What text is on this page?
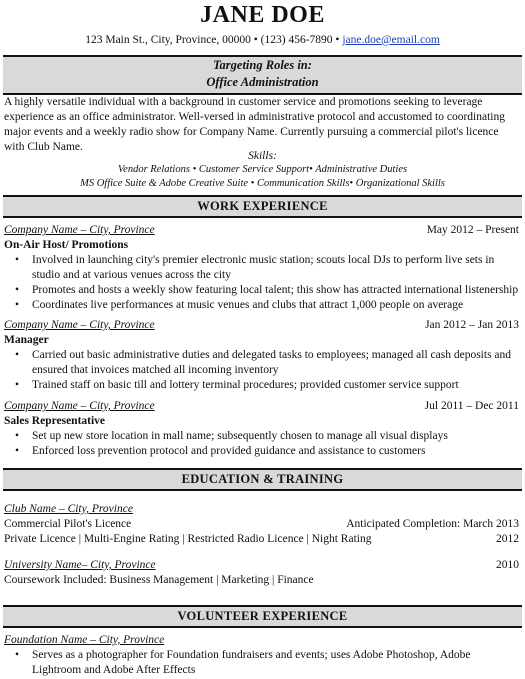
JANE DOE
123 Main St., City, Province, 00000 • (123) 456-7890 • jane.doe@email.com
Targeting Roles in:
Office Administration
A highly versatile individual with a background in customer service and promotions seeking to leverage experience as an office administrator. Well-versed in administrative protocol and accustomed to coordinating major events and a weekly radio show for Company Name. Currently pursuing a commercial pilot's licence with Club Name.
Skills:
Vendor Relations • Customer Service Support• Administrative Duties
MS Office Suite & Adobe Creative Suite • Communication Skills• Organizational Skills
WORK EXPERIENCE
Company Name – City, Province	May 2012 – Present
On-Air Host/ Promotions
• Involved in launching city's premier electronic music station; scouts local DJs to perform live sets in studio and at various venues across the city
• Promotes and hosts a weekly show featuring local talent; this show has attracted international listenership
• Coordinates live performances at music venues and clubs that attract 1,000 people on average
Company Name – City, Province	Jan 2012 – Jan 2013
Manager
• Carried out basic administrative duties and delegated tasks to employees; managed all cash deposits and ensured that invoices matched all incoming inventory
• Trained staff on basic till and lottery terminal procedures; provided customer service support
Company Name – City, Province	Jul 2011 – Dec 2011
Sales Representative
• Set up new store location in mall name; subsequently chosen to manage all visual displays
• Enforced loss prevention protocol and provided guidance and assistance to customers
EDUCATION & TRAINING
Club Name – City, Province
Commercial Pilot's Licence	Anticipated Completion: March 2013
Private Licence | Multi-Engine Rating | Restricted Radio Licence | Night Rating	2012
University Name– City, Province	2010
Coursework Included: Business Management | Marketing | Finance
VOLUNTEER EXPERIENCE
Foundation Name – City, Province
• Serves as a photographer for Foundation fundraisers and events; uses Adobe Photoshop, Adobe Lightroom and Adobe After Effects
